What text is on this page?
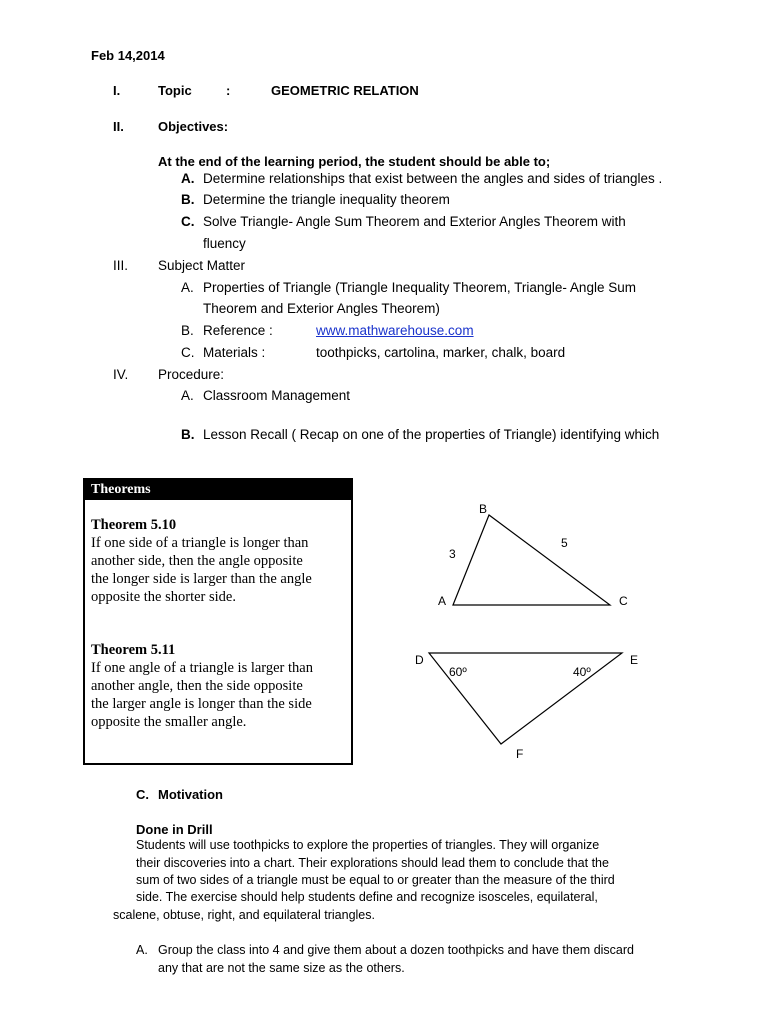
Feb 14,2014
I.	Topic	:	GEOMETRIC RELATION
II.	Objectives:
At the end of the learning period, the student should be able to;
A. Determine relationships that exist between the angles and sides of triangles .
B. Determine the triangle inequality theorem
C. Solve Triangle- Angle Sum Theorem and Exterior Angles Theorem with
fluency
III. Subject Matter
A. Properties of Triangle (Triangle Inequality Theorem, Triangle- Angle Sum
Theorem and Exterior Angles Theorem)
B. Reference :	www.mathwarehouse.com
C. Materials :	toothpicks, cartolina, marker, chalk, board
IV. Procedure:
A. Classroom Management
B. Lesson Recall ( Recap on one of the properties of Triangle) identifying which
Theorems
Theorem 5.10
If one side of a triangle is longer than
another side, then the angle opposite
the longer side is larger than the angle
opposite the shorter side.
Theorem 5.11
If one angle of a triangle is larger than
another angle, then the side opposite
the larger angle is longer than the side
opposite the smaller angle.
B
A	C
3
5
D	E
F
60º	40º
C. Motivation
Done in Drill
Students will use toothpicks to explore the properties of triangles. They will organize
their discoveries into a chart. Their explorations should lead them to conclude that the
sum of two sides of a triangle must be equal to or greater than the measure of the third
side. The exercise should help students define and recognize isosceles, equilateral,
scalene, obtuse, right, and equilateral triangles.
A. Group the class into 4 and give them about a dozen toothpicks and have them discard
any that are not the same size as the others.
